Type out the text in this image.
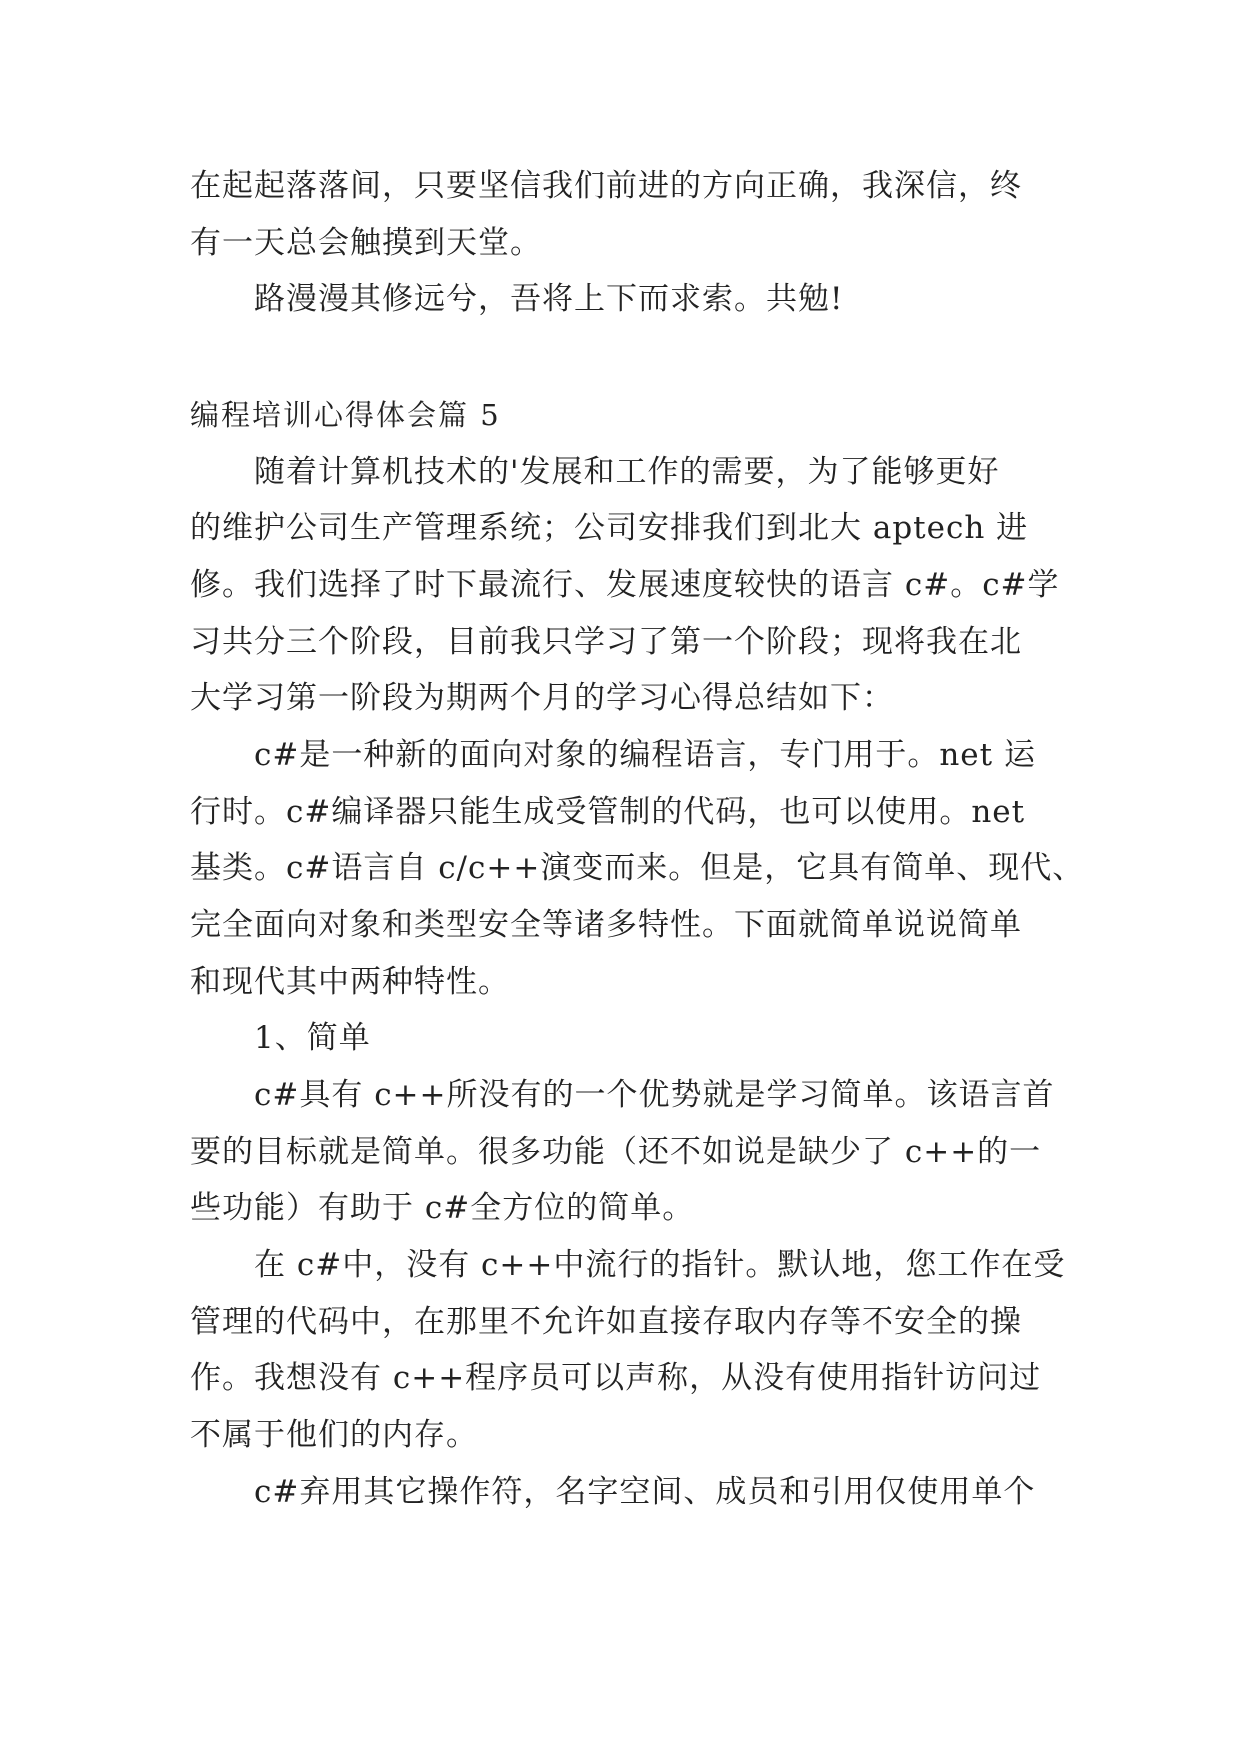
在起起落落间，只要坚信我们前进的方向正确，我深信，终
有一天总会触摸到天堂。
路漫漫其修远兮，吾将上下而求索。共勉!
编程培训心得体会篇 5
随着计算机技术的'发展和工作的需要，为了能够更好
的维护公司生产管理系统；公司安排我们到北大 aptech 进
修。我们选择了时下最流行、发展速度较快的语言 c#。c#学
习共分三个阶段，目前我只学习了第一个阶段；现将我在北
大学习第一阶段为期两个月的学习心得总结如下：
c#是一种新的面向对象的编程语言，专门用于。net 运
行时。c#编译器只能生成受管制的代码，也可以使用。net
基类。c#语言自 c/c++演变而来。但是，它具有简单、现代、
完全面向对象和类型安全等诸多特性。下面就简单说说简单
和现代其中两种特性。
1、简单
c#具有 c++所没有的一个优势就是学习简单。该语言首
要的目标就是简单。很多功能（还不如说是缺少了 c++的一
些功能）有助于 c#全方位的简单。
在 c#中，没有 c++中流行的指针。默认地，您工作在受
管理的代码中，在那里不允许如直接存取内存等不安全的操
作。我想没有 c++程序员可以声称，从没有使用指针访问过
不属于他们的内存。
c#弃用其它操作符，名字空间、成员和引用仅使用单个
